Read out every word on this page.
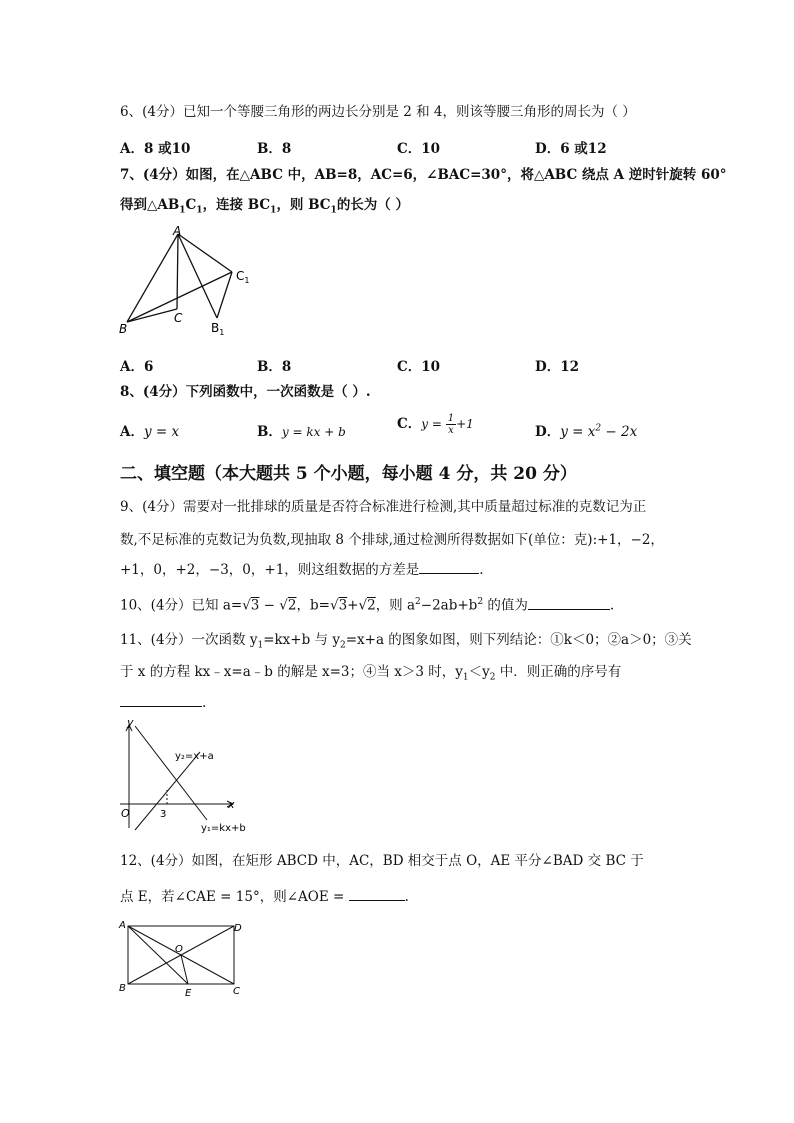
6、(4分）已知一个等腰三角形的两边长分别是 2 和 4，则该等腰三角形的周长为（ ）
A．8 或10	B．8	C．10	D．6 或12
7、(4分）如图，在△ABC 中，AB=8，AC=6，∠BAC=30°，将△ABC 绕点 A 逆时针旋转 60°
得到$\triangle AB_1C_1$，连接 $BC_1$，则 $BC_1$的长为（ ）
A
B
C
$C_1$
$B_1$
A．6	B．8	C．10	D．12
8、(4分）下列函数中，一次函数是（ ）.
A．y = x	B．y = kx + b	C．$y = \frac{1}{x} +1$	D．$y = x^2 - 2x$
二、填空题（本大题共 5 个小题，每小题 4 分，共 20 分）
9、(4分）需要对一批排球的质量是否符合标准进行检测,其中质量超过标准的克数记为正
数,不足标准的克数记为负数,现抽取 8 个排球,通过检测所得数据如下(单位：克):+1，−2，
+1，0，+2，−3，0，+1，则这组数据的方差是	.
10、(4分）已知 a=√3 − √2，b=√3+√2，则 $a^2-2ab+b^2$ 的值为	.
11、(4分）一次函数 $y_1=kx+b$ 与 $y_2=x+a$ 的图象如图，则下列结论：①k＜0；②a＞0；③关
于 x 的方程 kx﹣x=a﹣b 的解是 x=3；④当 x＞3 时，$y_1<y_2$ 中．则正确的序号有
.
y
x
O	3
y₂=x+a
y₁=kx+b
12、(4分）如图，在矩形 ABCD 中，AC，BD 相交于点 O，AE 平分∠BAD 交 BC 于
点 E，若∠CAE = 15°，则∠AOE =	.
A
B	C
D
O
E
